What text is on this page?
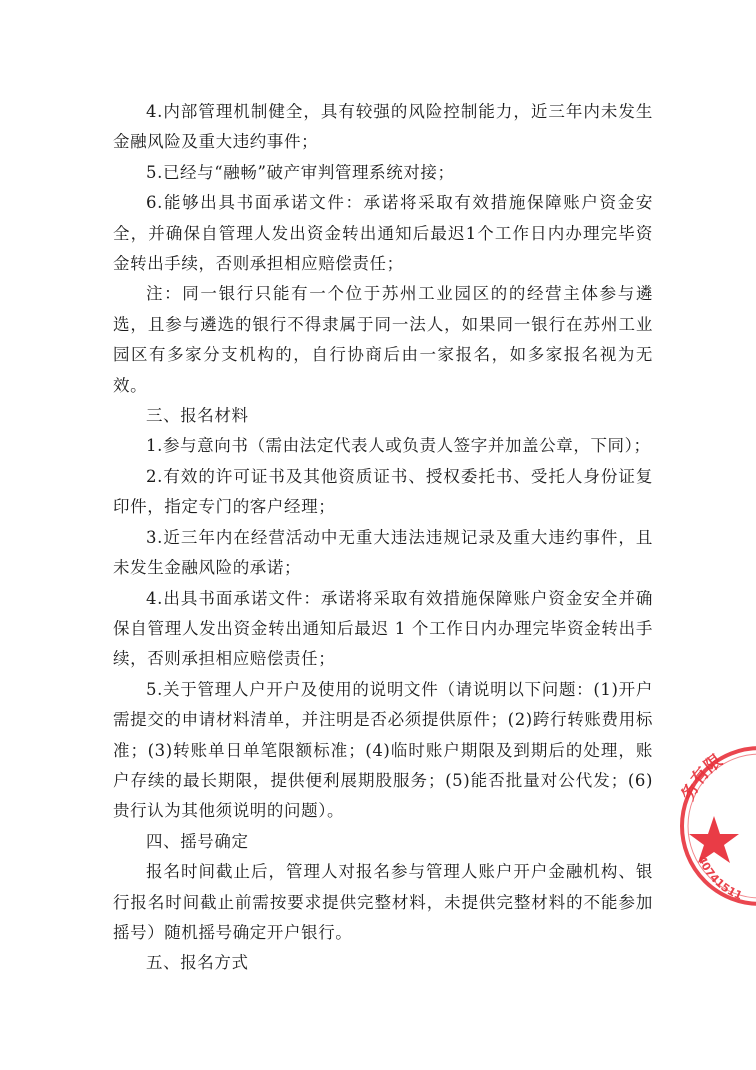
4.内部管理机制健全，具有较强的风险控制能力，近三年内未发生金融风险及重大违约事件；

5.已经与“融畅”破产审判管理系统对接；

6.能够出具书面承诺文件：承诺将采取有效措施保障账户资金安全，并确保自管理人发出资金转出通知后最迟1个工作日内办理完毕资金转出手续，否则承担相应赔偿责任；

注：同一银行只能有一个位于苏州工业园区的的经营主体参与遴选，且参与遴选的银行不得隶属于同一法人，如果同一银行在苏州工业园区有多家分支机构的，自行协商后由一家报名，如多家报名视为无效。

三、报名材料

1.参与意向书（需由法定代表人或负责人签字并加盖公章，下同）；

2.有效的许可证书及其他资质证书、授权委托书、受托人身份证复印件，指定专门的客户经理；

3.近三年内在经营活动中无重大违法违规记录及重大违约事件，且未发生金融风险的承诺；

4.出具书面承诺文件：承诺将采取有效措施保障账户资金安全并确保自管理人发出资金转出通知后最迟 1 个工作日内办理完毕资金转出手续，否则承担相应赔偿责任；

5.关于管理人户开户及使用的说明文件（请说明以下问题：(1)开户需提交的申请材料清单，并注明是否必须提供原件；(2)跨行转账费用标准；(3)转账单日单笔限额标准；(4)临时账户期限及到期后的处理，账户存续的最长期限，提供便利展期股服务；(5)能否批量对公代发；(6)贵行认为其他须说明的问题）。

四、摇号确定

报名时间截止后，管理人对报名参与管理人账户开户金融机构、银行报名时间截止前需按要求提供完整材料，未提供完整材料的不能参加摇号）随机摇号确定开户银行。

五、报名方式

务有限
40741511
